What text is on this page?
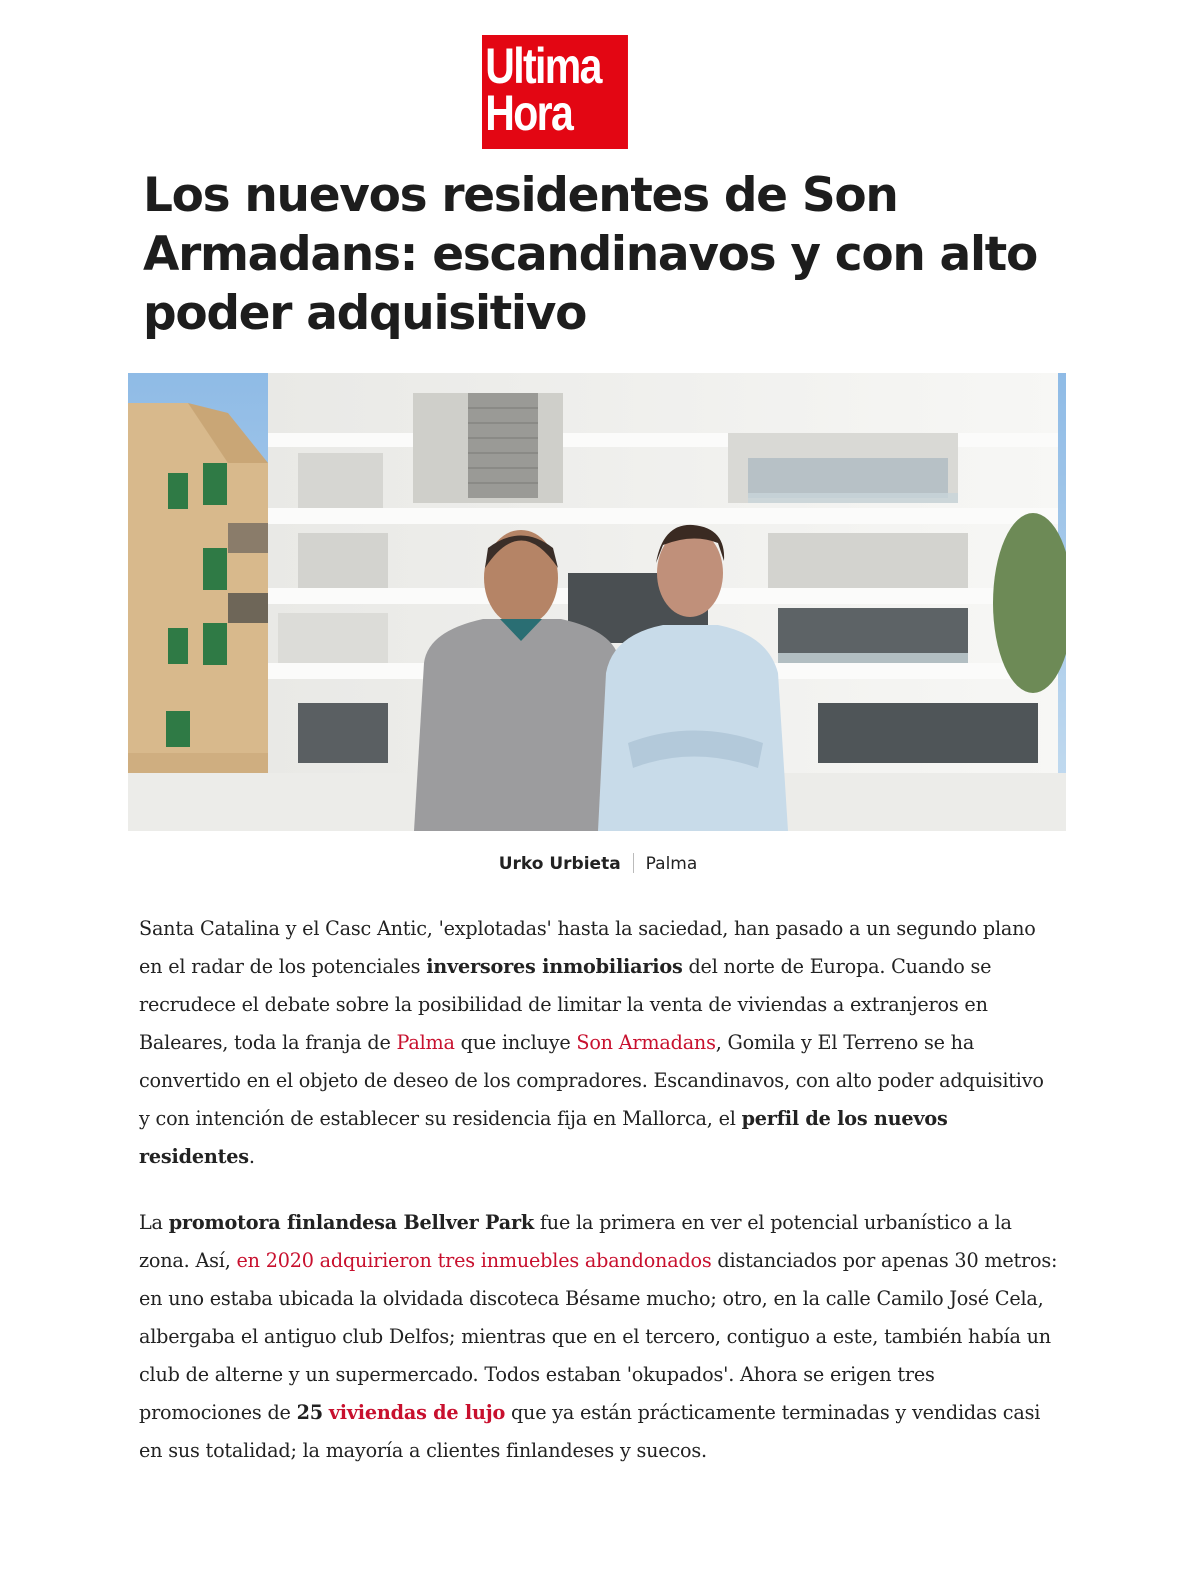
Ultima
Hora
Los nuevos residentes de Son Armadans: escandinavos y con alto poder adquisitivo
Urko Urbieta Palma

Santa Catalina y el Casc Antic, 'explotadas' hasta la saciedad, han pasado a un segundo plano en el radar de los potenciales inversores inmobiliarios del norte de Europa. Cuando se recrudece el debate sobre la posibilidad de limitar la venta de viviendas a extranjeros en Baleares, toda la franja de Palma que incluye Son Armadans, Gomila y El Terreno se ha convertido en el objeto de deseo de los compradores. Escandinavos, con alto poder adquisitivo y con intención de establecer su residencia fija en Mallorca, el perfil de los nuevos residentes.

La promotora finlandesa Bellver Park fue la primera en ver el potencial urbanístico a la zona. Así, en 2020 adquirieron tres inmuebles abandonados distanciados por apenas 30 metros: en uno estaba ubicada la olvidada discoteca Bésame mucho; otro, en la calle Camilo José Cela, albergaba el antiguo club Delfos; mientras que en el tercero, contiguo a este, también había un club de alterne y un supermercado. Todos estaban 'okupados'. Ahora se erigen tres promociones de 25 viviendas de lujo que ya están prácticamente terminadas y vendidas casi en sus totalidad; la mayoría a clientes finlandeses y suecos.
